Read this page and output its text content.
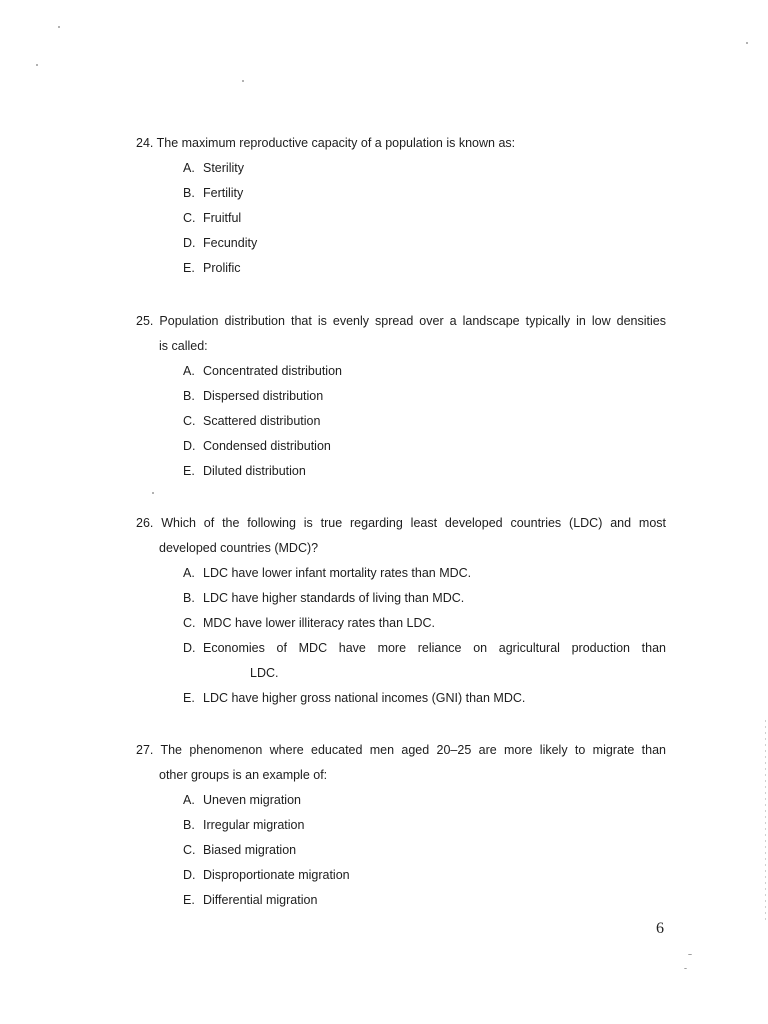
24. The maximum reproductive capacity of a population is known as:
A. Sterility
B. Fertility
C. Fruitful
D. Fecundity
E. Prolific
25. Population distribution that is evenly spread over a landscape typically in low densities
is called:
A. Concentrated distribution
B. Dispersed distribution
C. Scattered distribution
D. Condensed distribution
E. Diluted distribution
26. Which of the following is true regarding least developed countries (LDC) and most
developed countries (MDC)?
A. LDC have lower infant mortality rates than MDC.
B. LDC have higher standards of living than MDC.
C. MDC have lower illiteracy rates than LDC.
D. Economies of MDC have more reliance on agricultural production than
LDC.
E. LDC have higher gross national incomes (GNI) than MDC.
27. The phenomenon where educated men aged 20–25 are more likely to migrate than
other groups is an example of:
A. Uneven migration
B. Irregular migration
C. Biased migration
D. Disproportionate migration
E. Differential migration
6
